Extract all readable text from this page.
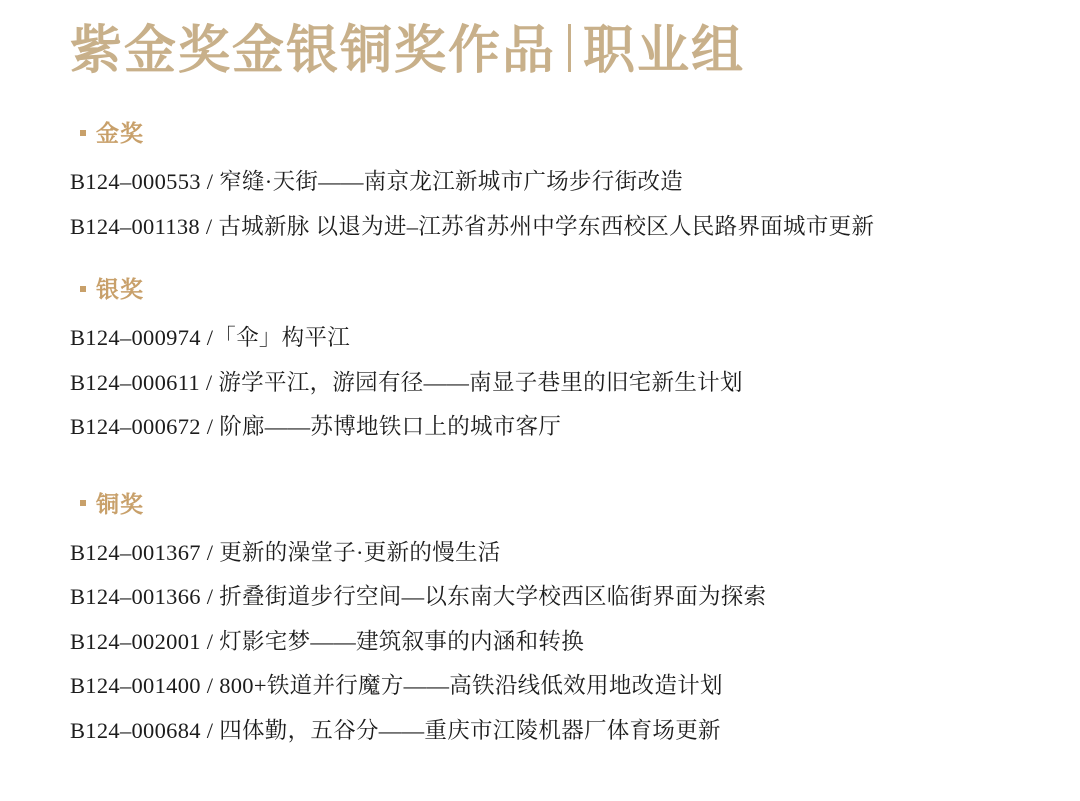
紫金奖金银铜奖作品 职业组
金奖
B124–000553 / 窄缝·天街——南京龙江新城市广场步行街改造
B124–001138 / 古城新脉 以退为进–江苏省苏州中学东西校区人民路界面城市更新
银奖
B124–000974 /「伞」构平江
B124–000611 / 游学平江，游园有径——南显子巷里的旧宅新生计划
B124–000672 / 阶廊——苏博地铁口上的城市客厅
铜奖
B124–001367 / 更新的澡堂子·更新的慢生活
B124–001366 / 折叠街道步行空间—以东南大学校西区临街界面为探索
B124–002001 / 灯影宅梦——建筑叙事的内涵和转换
B124–001400 / 800+铁道并行魔方——高铁沿线低效用地改造计划
B124–000684 / 四体勤，五谷分——重庆市江陵机器厂体育场更新
